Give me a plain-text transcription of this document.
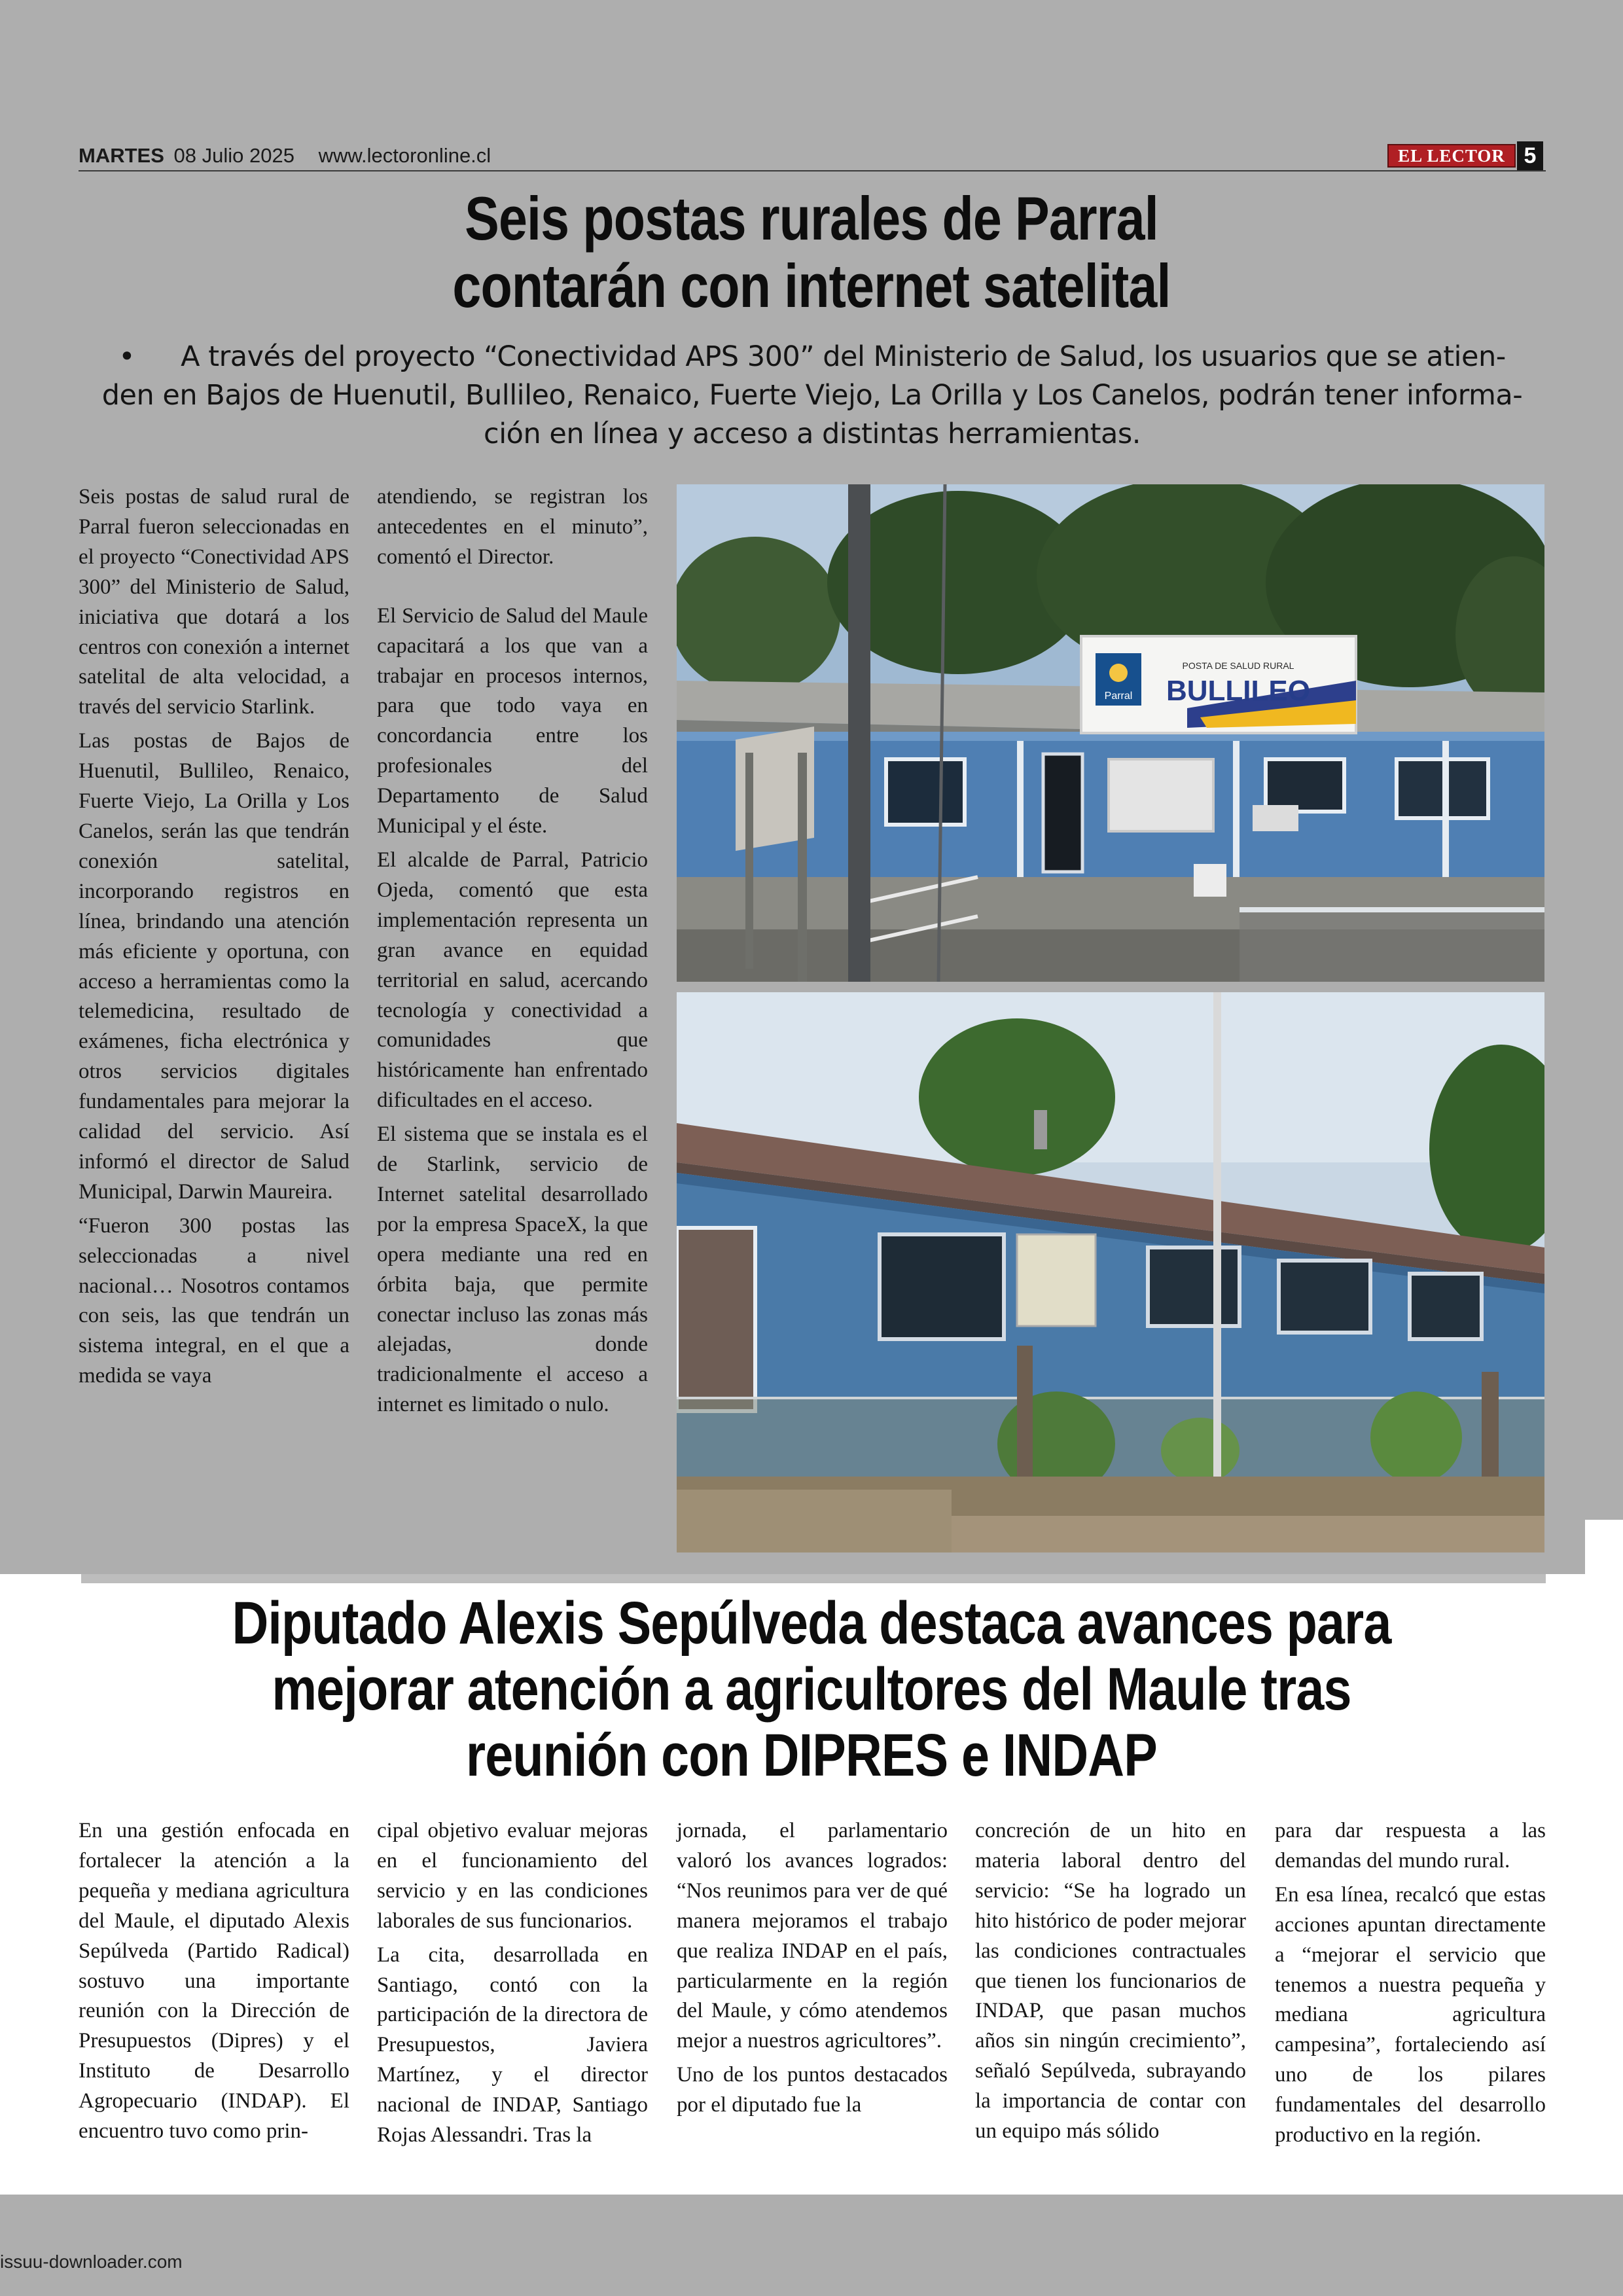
MARTES 08 Julio 2025 www.lectoronline.cl	EL LECTOR 5
Seis postas rurales de Parral
contarán con internet satelital
• A través del proyecto “Conectividad APS 300” del Ministerio de Salud, los usuarios que se atien-
den en Bajos de Huenutil, Bullileo, Renaico, Fuerte Viejo, La Orilla y Los Canelos, podrán tener informa-
ción en línea y acceso a distintas herramientas.

Seis postas de salud rural de Parral fueron seleccionadas en el proyecto “Conectividad APS 300” del Ministerio de Salud, iniciativa que dotará a los centros con conexión a internet satelital de alta velocidad, a través del servicio Starlink.

Las postas de Bajos de Huenutil, Bullileo, Renaico, Fuerte Viejo, La Orilla y Los Canelos, serán las que tendrán conexión satelital, incorporando registros en línea, brindando una atención más eficiente y oportuna, con acceso a herramientas como la telemedicina, resultado de exámenes, ficha electrónica y otros servicios digitales fundamentales para mejorar la calidad del servicio. Así informó el director de Salud Municipal, Darwin Maureira.

“Fueron 300 postas las seleccionadas a nivel nacional… Nosotros contamos con seis, las que tendrán un sistema integral, en el que a medida se vaya

atendiendo, se registran los antecedentes en el minuto”, comentó el Director.

El Servicio de Salud del Maule capacitará a los que van a trabajar en procesos internos, para que todo vaya en concordancia entre los profesionales del Departamento de Salud Municipal y el éste.

El alcalde de Parral, Patricio Ojeda, comentó que esta implementación representa un gran avance en equidad territorial en salud, acercando tecnología y conectividad a comunidades que históricamente han enfrentado dificultades en el acceso.

El sistema que se instala es el de Starlink, servicio de Internet satelital desarrollado por la empresa SpaceX, la que opera mediante una red en órbita baja, que permite conectar incluso las zonas más alejadas, donde tradicionalmente el acceso a internet es limitado o nulo.

Parral
POSTA DE SALUD RURAL
BULLILEO
Diputado Alexis Sepúlveda destaca avances para
mejorar atención a agricultores del Maule tras
reunión con DIPRES e INDAP

En una gestión enfocada en fortalecer la atención a la pequeña y mediana agricultura del Maule, el diputado Alexis Sepúlveda (Partido Radical) sostuvo una importante reunión con la Dirección de Presupuestos (Dipres) y el Instituto de Desarrollo Agropecuario (INDAP). El encuentro tuvo como prin-

cipal objetivo evaluar mejoras en el funcionamiento del servicio y en las condiciones laborales de sus funcionarios.

La cita, desarrollada en Santiago, contó con la participación de la directora de Presupuestos, Javiera Martínez, y el director nacional de INDAP, Santiago Rojas Alessandri. Tras la

jornada, el parlamentario valoró los avances logrados: “Nos reunimos para ver de qué manera mejoramos el trabajo que realiza INDAP en el país, particularmente en la región del Maule, y cómo atendemos mejor a nuestros agricultores”.

Uno de los puntos destacados por el diputado fue la

concreción de un hito en materia laboral dentro del servicio: “Se ha logrado un hito histórico de poder mejorar las condiciones contractuales que tienen los funcionarios de INDAP, que pasan muchos años sin ningún crecimiento”, señaló Sepúlveda, subrayando la importancia de contar con un equipo más sólido

para dar respuesta a las demandas del mundo rural.

En esa línea, recalcó que estas acciones apuntan directamente a “mejorar el servicio que tenemos a nuestra pequeña y mediana agricultura campesina”, fortaleciendo así uno de los pilares fundamentales del desarrollo productivo en la región.

issuu-downloader.com
